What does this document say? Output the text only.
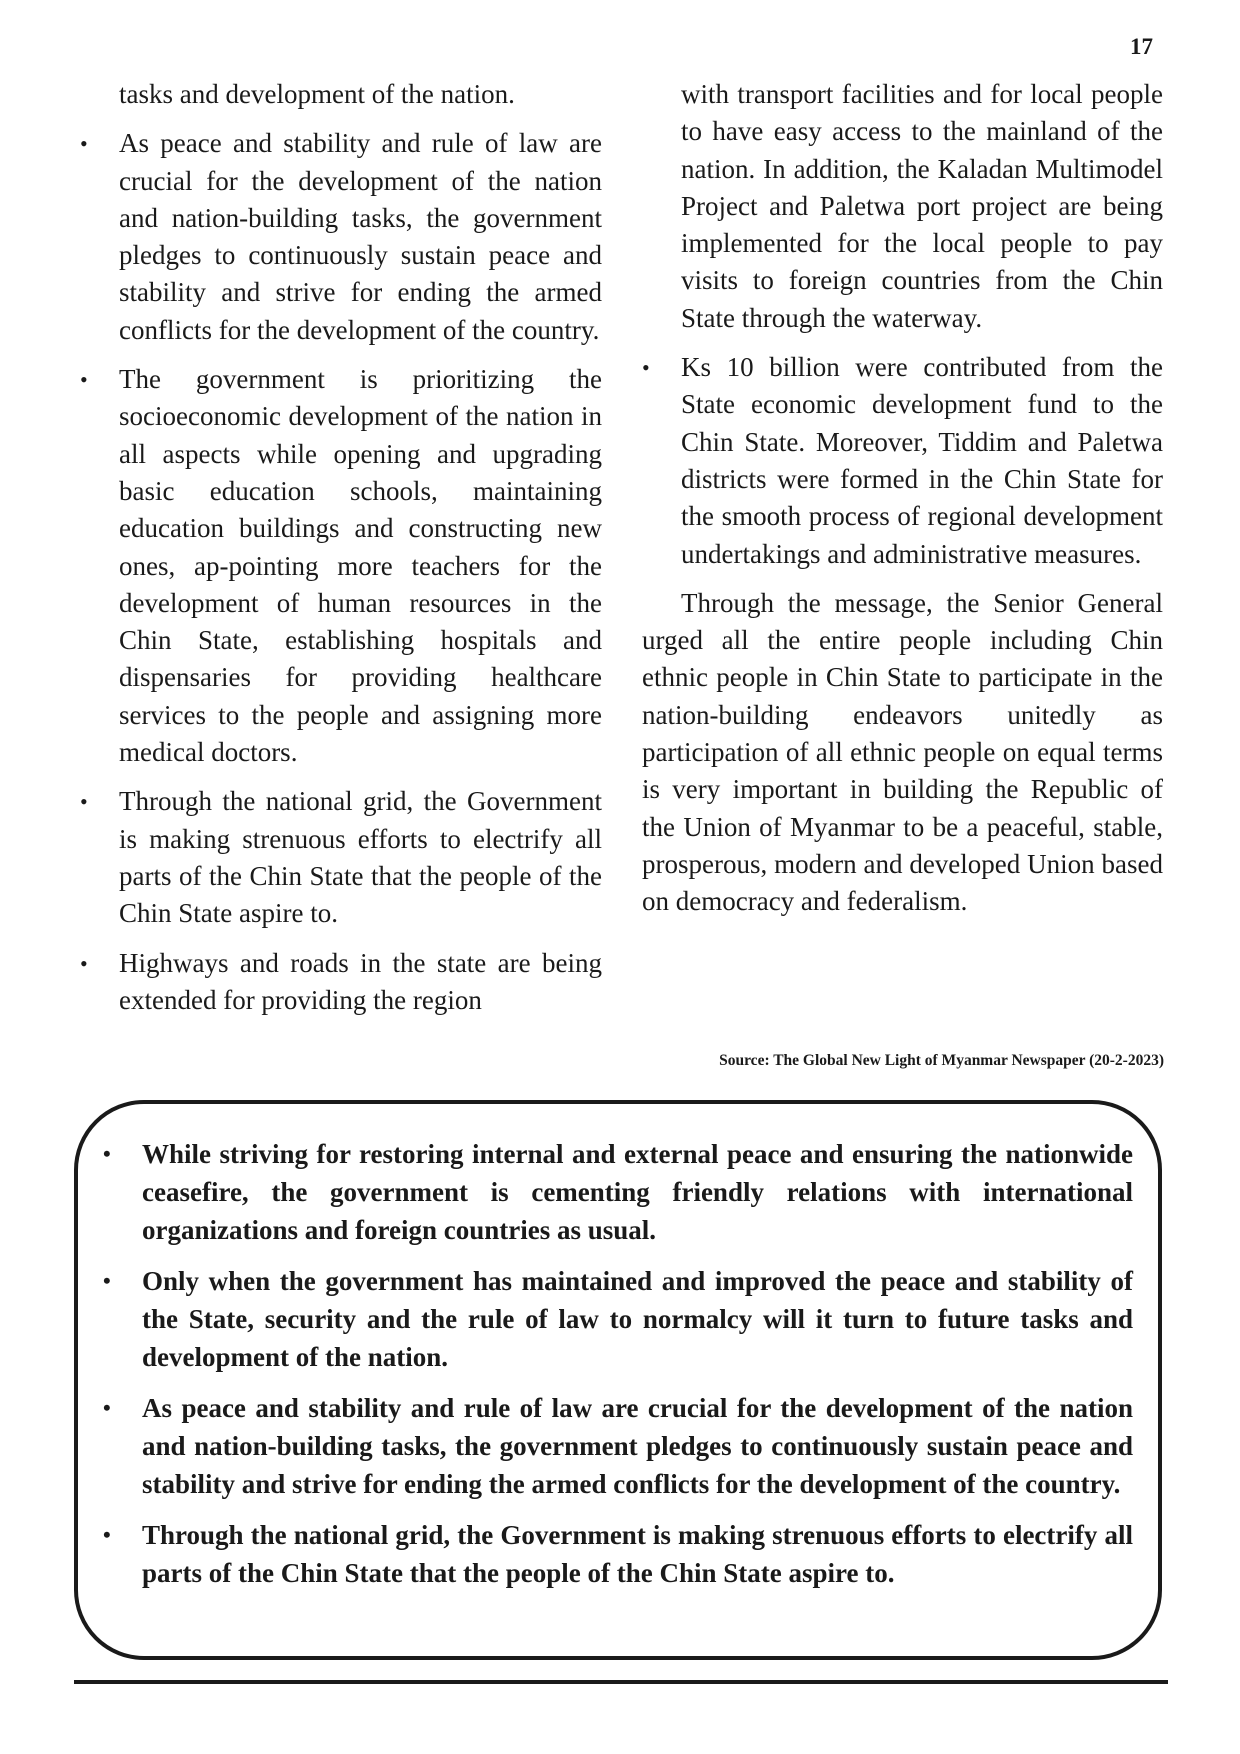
17
tasks and development of the nation.
• As peace and stability and rule of law are crucial for the development of the nation and nation-building tasks, the government pledges to continuously sustain peace and stability and strive for ending the armed conflicts for the development of the country.
• The government is prioritizing the socioeconomic development of the nation in all aspects while opening and upgrading basic education schools, maintaining education buildings and constructing new ones, ap-pointing more teachers for the development of human resources in the Chin State, establishing hospitals and dispensaries for providing healthcare services to the people and assigning more medical doctors.
• Through the national grid, the Government is making strenuous efforts to electrify all parts of the Chin State that the people of the Chin State aspire to.
• Highways and roads in the state are being extended for providing the region
with transport facilities and for local people to have easy access to the mainland of the nation. In addition, the Kaladan Multimodel Project and Paletwa port project are being implemented for the local people to pay visits to foreign countries from the Chin State through the waterway.
• Ks 10 billion were contributed from the State economic development fund to the Chin State. Moreover, Tiddim and Paletwa districts were formed in the Chin State for the smooth process of regional development undertakings and administrative measures.
Through the message, the Senior General urged all the entire people including Chin ethnic people in Chin State to participate in the nation-building endeavors unitedly as participation of all ethnic people on equal terms is very important in building the Republic of the Union of Myanmar to be a peaceful, stable, prosperous, modern and developed Union based on democracy and federalism.
Source: The Global New Light of Myanmar Newspaper (20-2-2023)
• While striving for restoring internal and external peace and ensuring the nationwide ceasefire, the government is cementing friendly relations with international organizations and foreign countries as usual.
• Only when the government has maintained and improved the peace and stability of the State, security and the rule of law to normalcy will it turn to future tasks and development of the nation.
• As peace and stability and rule of law are crucial for the development of the nation and nation-building tasks, the government pledges to continuously sustain peace and stability and strive for ending the armed conflicts for the development of the country.
• Through the national grid, the Government is making strenuous efforts to electrify all parts of the Chin State that the people of the Chin State aspire to.
